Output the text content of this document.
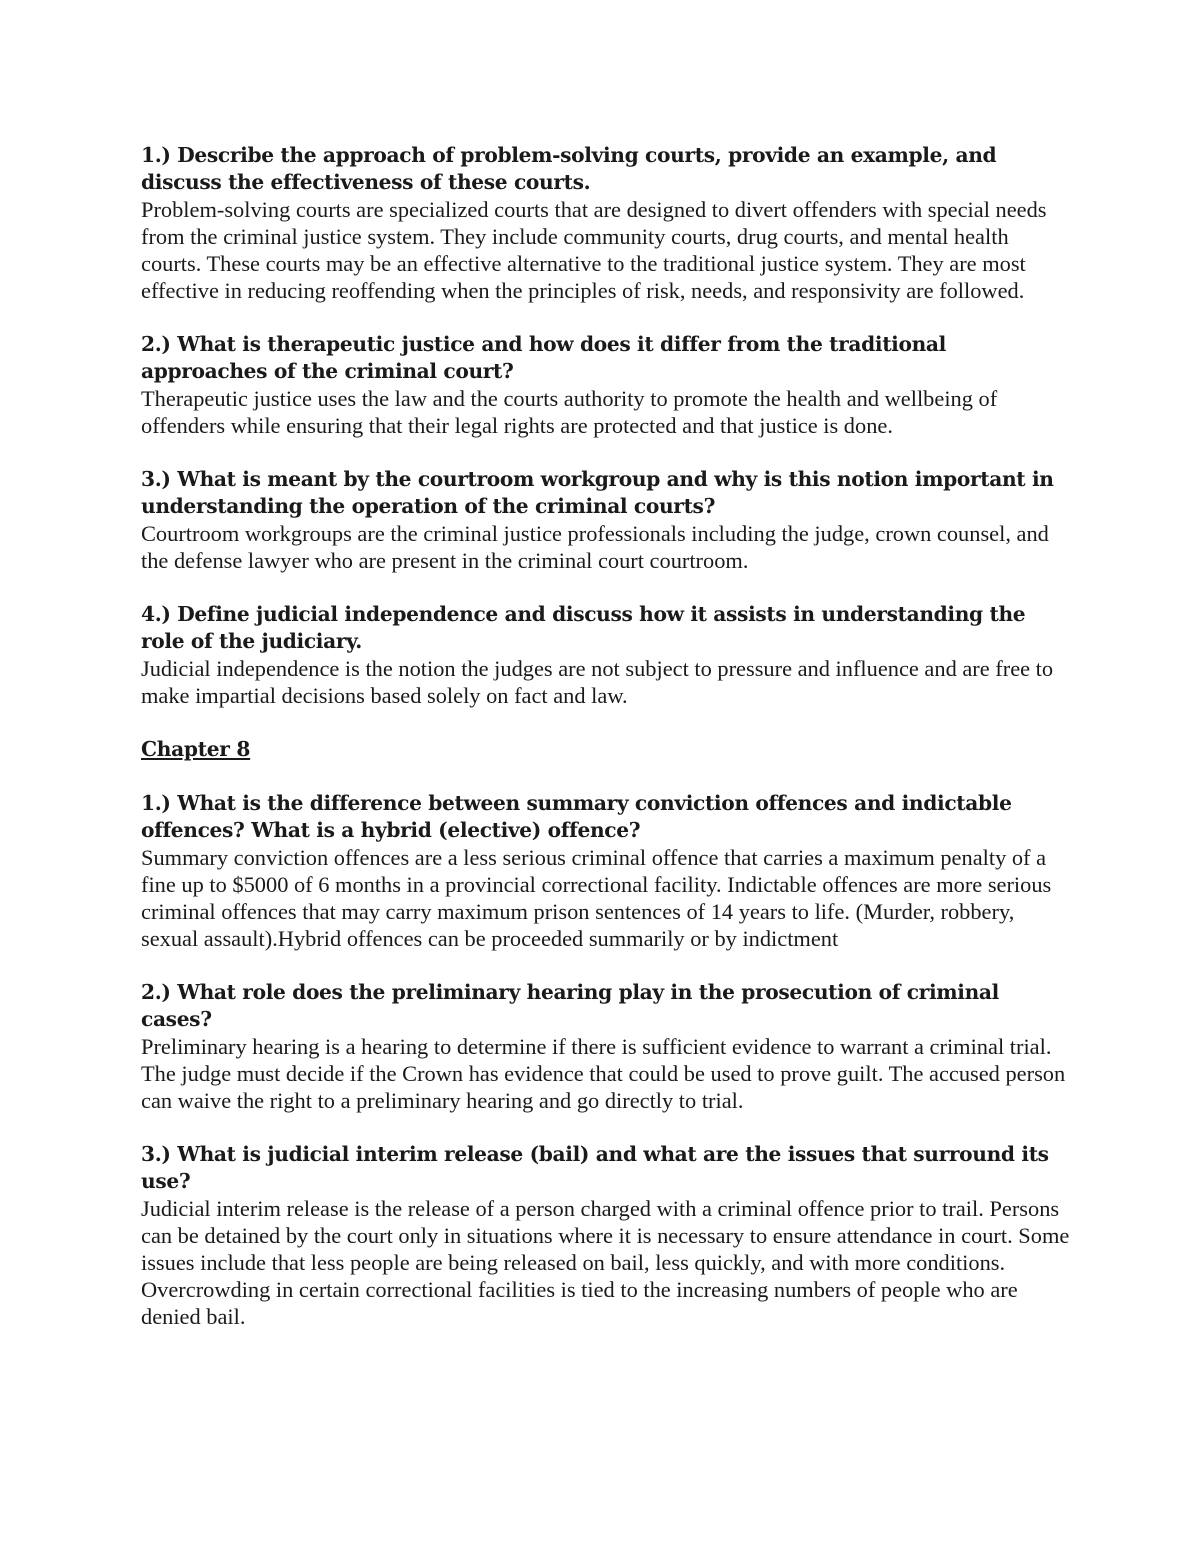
1.) Describe the approach of problem-solving courts, provide an example, and discuss the effectiveness of these courts.

Problem-solving courts are specialized courts that are designed to divert offenders with special needs from the criminal justice system. They include community courts, drug courts, and mental health courts. These courts may be an effective alternative to the traditional justice system. They are most effective in reducing reoffending when the principles of risk, needs, and responsivity are followed.

2.) What is therapeutic justice and how does it differ from the traditional approaches of the criminal court?

Therapeutic justice uses the law and the courts authority to promote the health and wellbeing of offenders while ensuring that their legal rights are protected and that justice is done.

3.) What is meant by the courtroom workgroup and why is this notion important in understanding the operation of the criminal courts?

Courtroom workgroups are the criminal justice professionals including the judge, crown counsel, and the defense lawyer who are present in the criminal court courtroom.

4.) Define judicial independence and discuss how it assists in understanding the role of the judiciary.

Judicial independence is the notion the judges are not subject to pressure and influence and are free to make impartial decisions based solely on fact and law.

Chapter 8

1.) What is the difference between summary conviction offences and indictable offences? What is a hybrid (elective) offence?

Summary conviction offences are a less serious criminal offence that carries a maximum penalty of a fine up to $5000 of 6 months in a provincial correctional facility. Indictable offences are more serious criminal offences that may carry maximum prison sentences of 14 years to life. (Murder, robbery, sexual assault).Hybrid offences can be proceeded summarily or by indictment

2.) What role does the preliminary hearing play in the prosecution of criminal cases?

Preliminary hearing is a hearing to determine if there is sufficient evidence to warrant a criminal trial. The judge must decide if the Crown has evidence that could be used to prove guilt. The accused person can waive the right to a preliminary hearing and go directly to trial.

3.) What is judicial interim release (bail) and what are the issues that surround its use?

Judicial interim release is the release of a person charged with a criminal offence prior to trail. Persons can be detained by the court only in situations where it is necessary to ensure attendance in court. Some issues include that less people are being released on bail, less quickly, and with more conditions. Overcrowding in certain correctional facilities is tied to the increasing numbers of people who are denied bail.
